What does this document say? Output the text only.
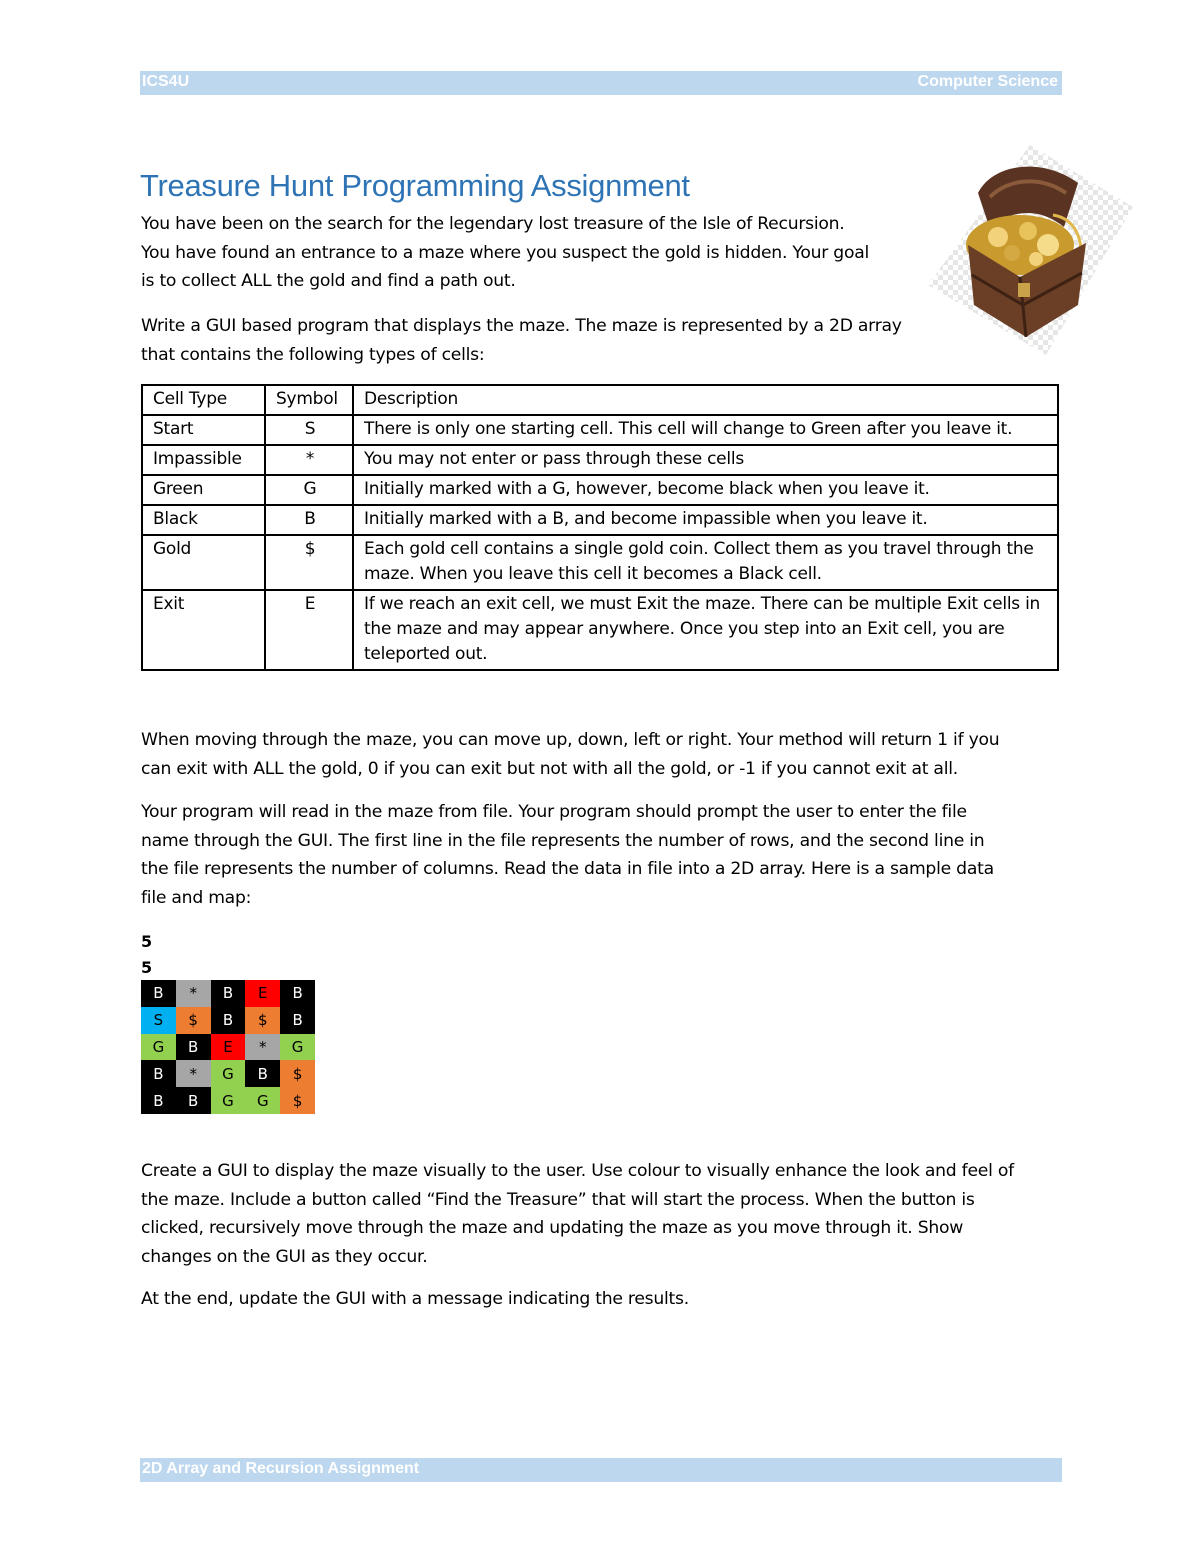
ICS4U	Computer Science
Treasure Hunt Programming Assignment
You have been on the search for the legendary lost treasure of the Isle of Recursion.
You have found an entrance to a maze where you suspect the gold is hidden. Your goal
is to collect ALL the gold and find a path out.
Write a GUI based program that displays the maze. The maze is represented by a 2D array
that contains the following types of cells:
Cell Type	Symbol	Description
Start	S	There is only one starting cell. This cell will change to Green after you leave it.
Impassible	*	You may not enter or pass through these cells
Green	G	Initially marked with a G, however, become black when you leave it.
Black	B	Initially marked with a B, and become impassible when you leave it.
Gold	$	Each gold cell contains a single gold coin. Collect them as you travel through the maze. When you leave this cell it becomes a Black cell.
Exit	E	If we reach an exit cell, we must Exit the maze. There can be multiple Exit cells in the maze and may appear anywhere. Once you step into an Exit cell, you are teleported out.
When moving through the maze, you can move up, down, left or right. Your method will return 1 if you
can exit with ALL the gold, 0 if you can exit but not with all the gold, or -1 if you cannot exit at all.
Your program will read in the maze from file. Your program should prompt the user to enter the file
name through the GUI. The first line in the file represents the number of rows, and the second line in
the file represents the number of columns. Read the data in file into a 2D array. Here is a sample data
file and map:
5
5
B	*	B	E	B
S	$	B	$	B
G	B	E	*	G
B	*	G	B	$
B	B	G	G	$
Create a GUI to display the maze visually to the user. Use colour to visually enhance the look and feel of
the maze. Include a button called “Find the Treasure” that will start the process. When the button is
clicked, recursively move through the maze and updating the maze as you move through it. Show
changes on the GUI as they occur.
At the end, update the GUI with a message indicating the results.
2D Array and Recursion Assignment
